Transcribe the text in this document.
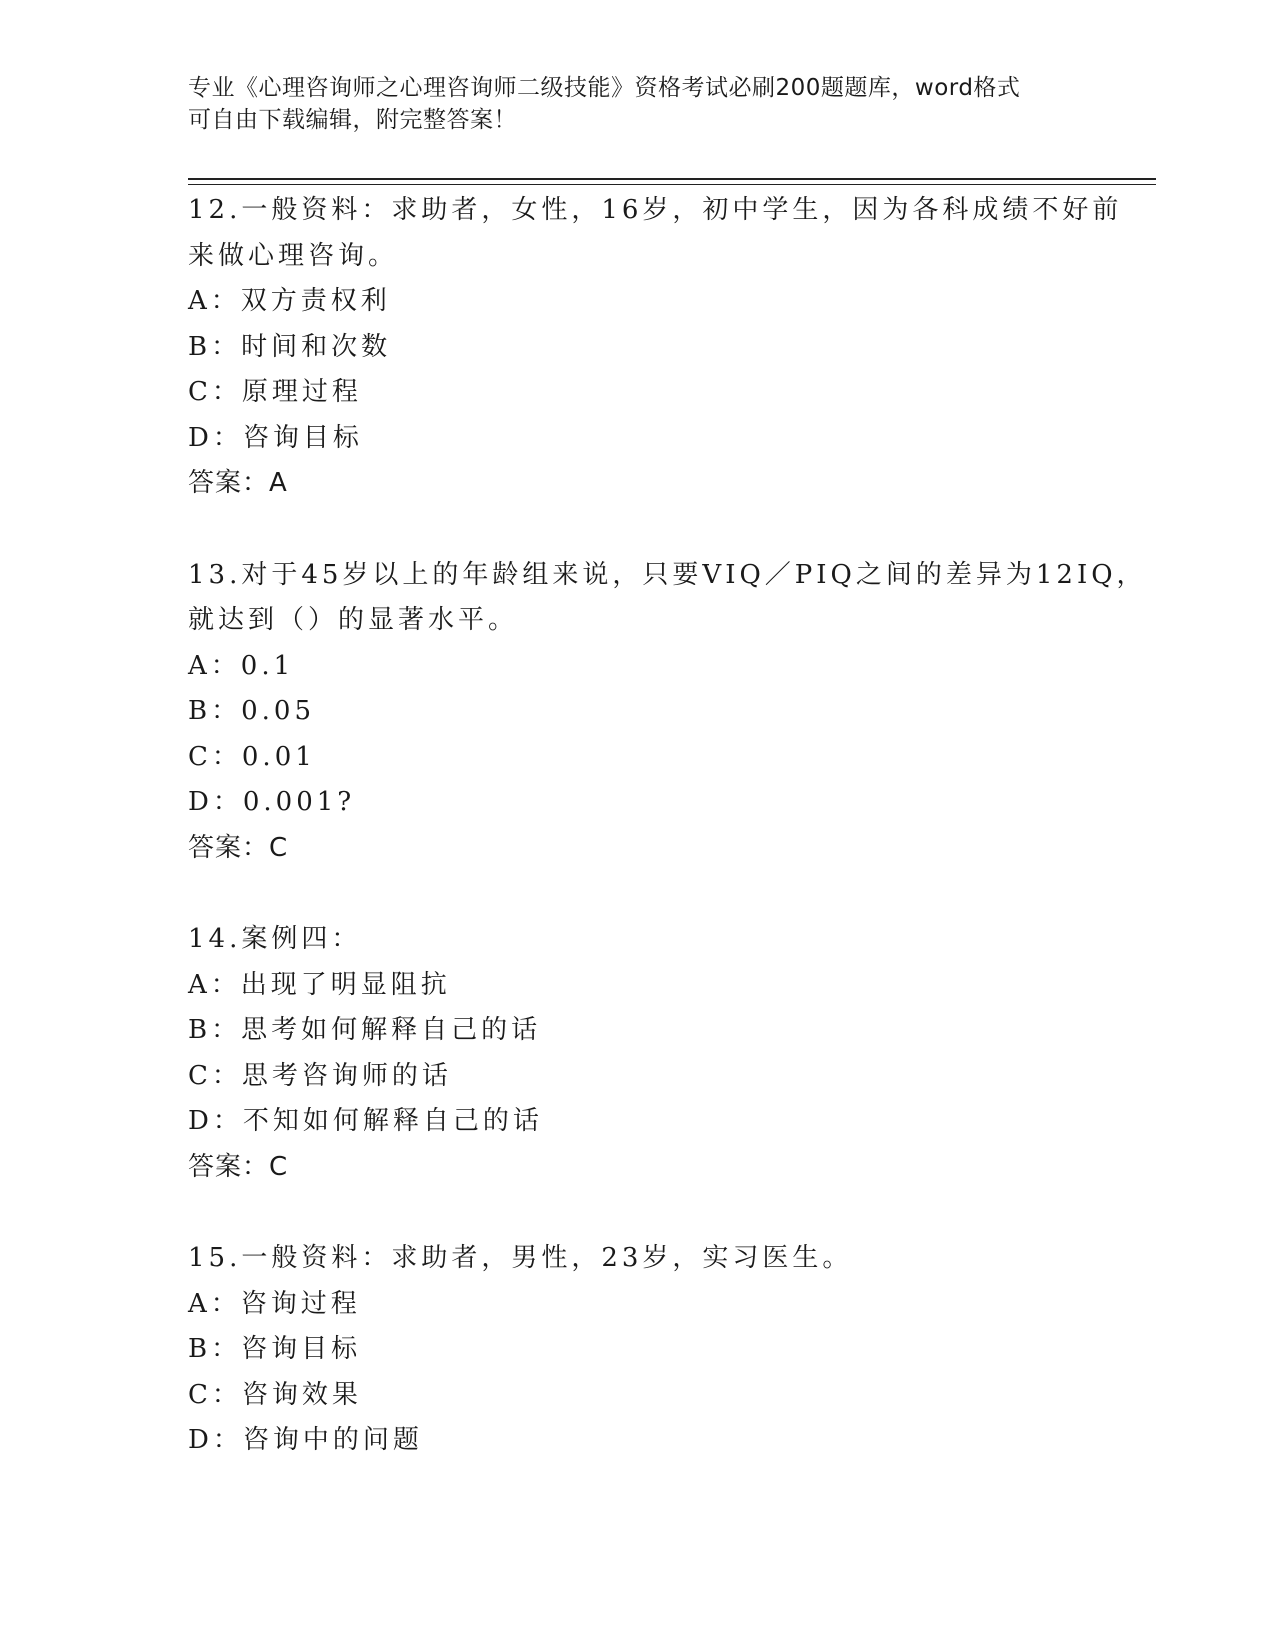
专业《心理咨询师之心理咨询师二级技能》资格考试必刷200题题库，word格式
可自由下载编辑，附完整答案！
12.一般资料：求助者，女性，16岁，初中学生，因为各科成绩不好前
来做心理咨询。
A：双方责权利
B：时间和次数
C：原理过程
D：咨询目标
答案：A
13.对于45岁以上的年龄组来说，只要VIQ／PIQ之间的差异为12IQ，
就达到（）的显著水平。
A：0.1
B：0.05
C：0.01
D：0.001?
答案：C
14.案例四：
A：出现了明显阻抗
B：思考如何解释自己的话
C：思考咨询师的话
D：不知如何解释自己的话
答案：C
15.一般资料：求助者，男性，23岁，实习医生。
A：咨询过程
B：咨询目标
C：咨询效果
D：咨询中的问题
